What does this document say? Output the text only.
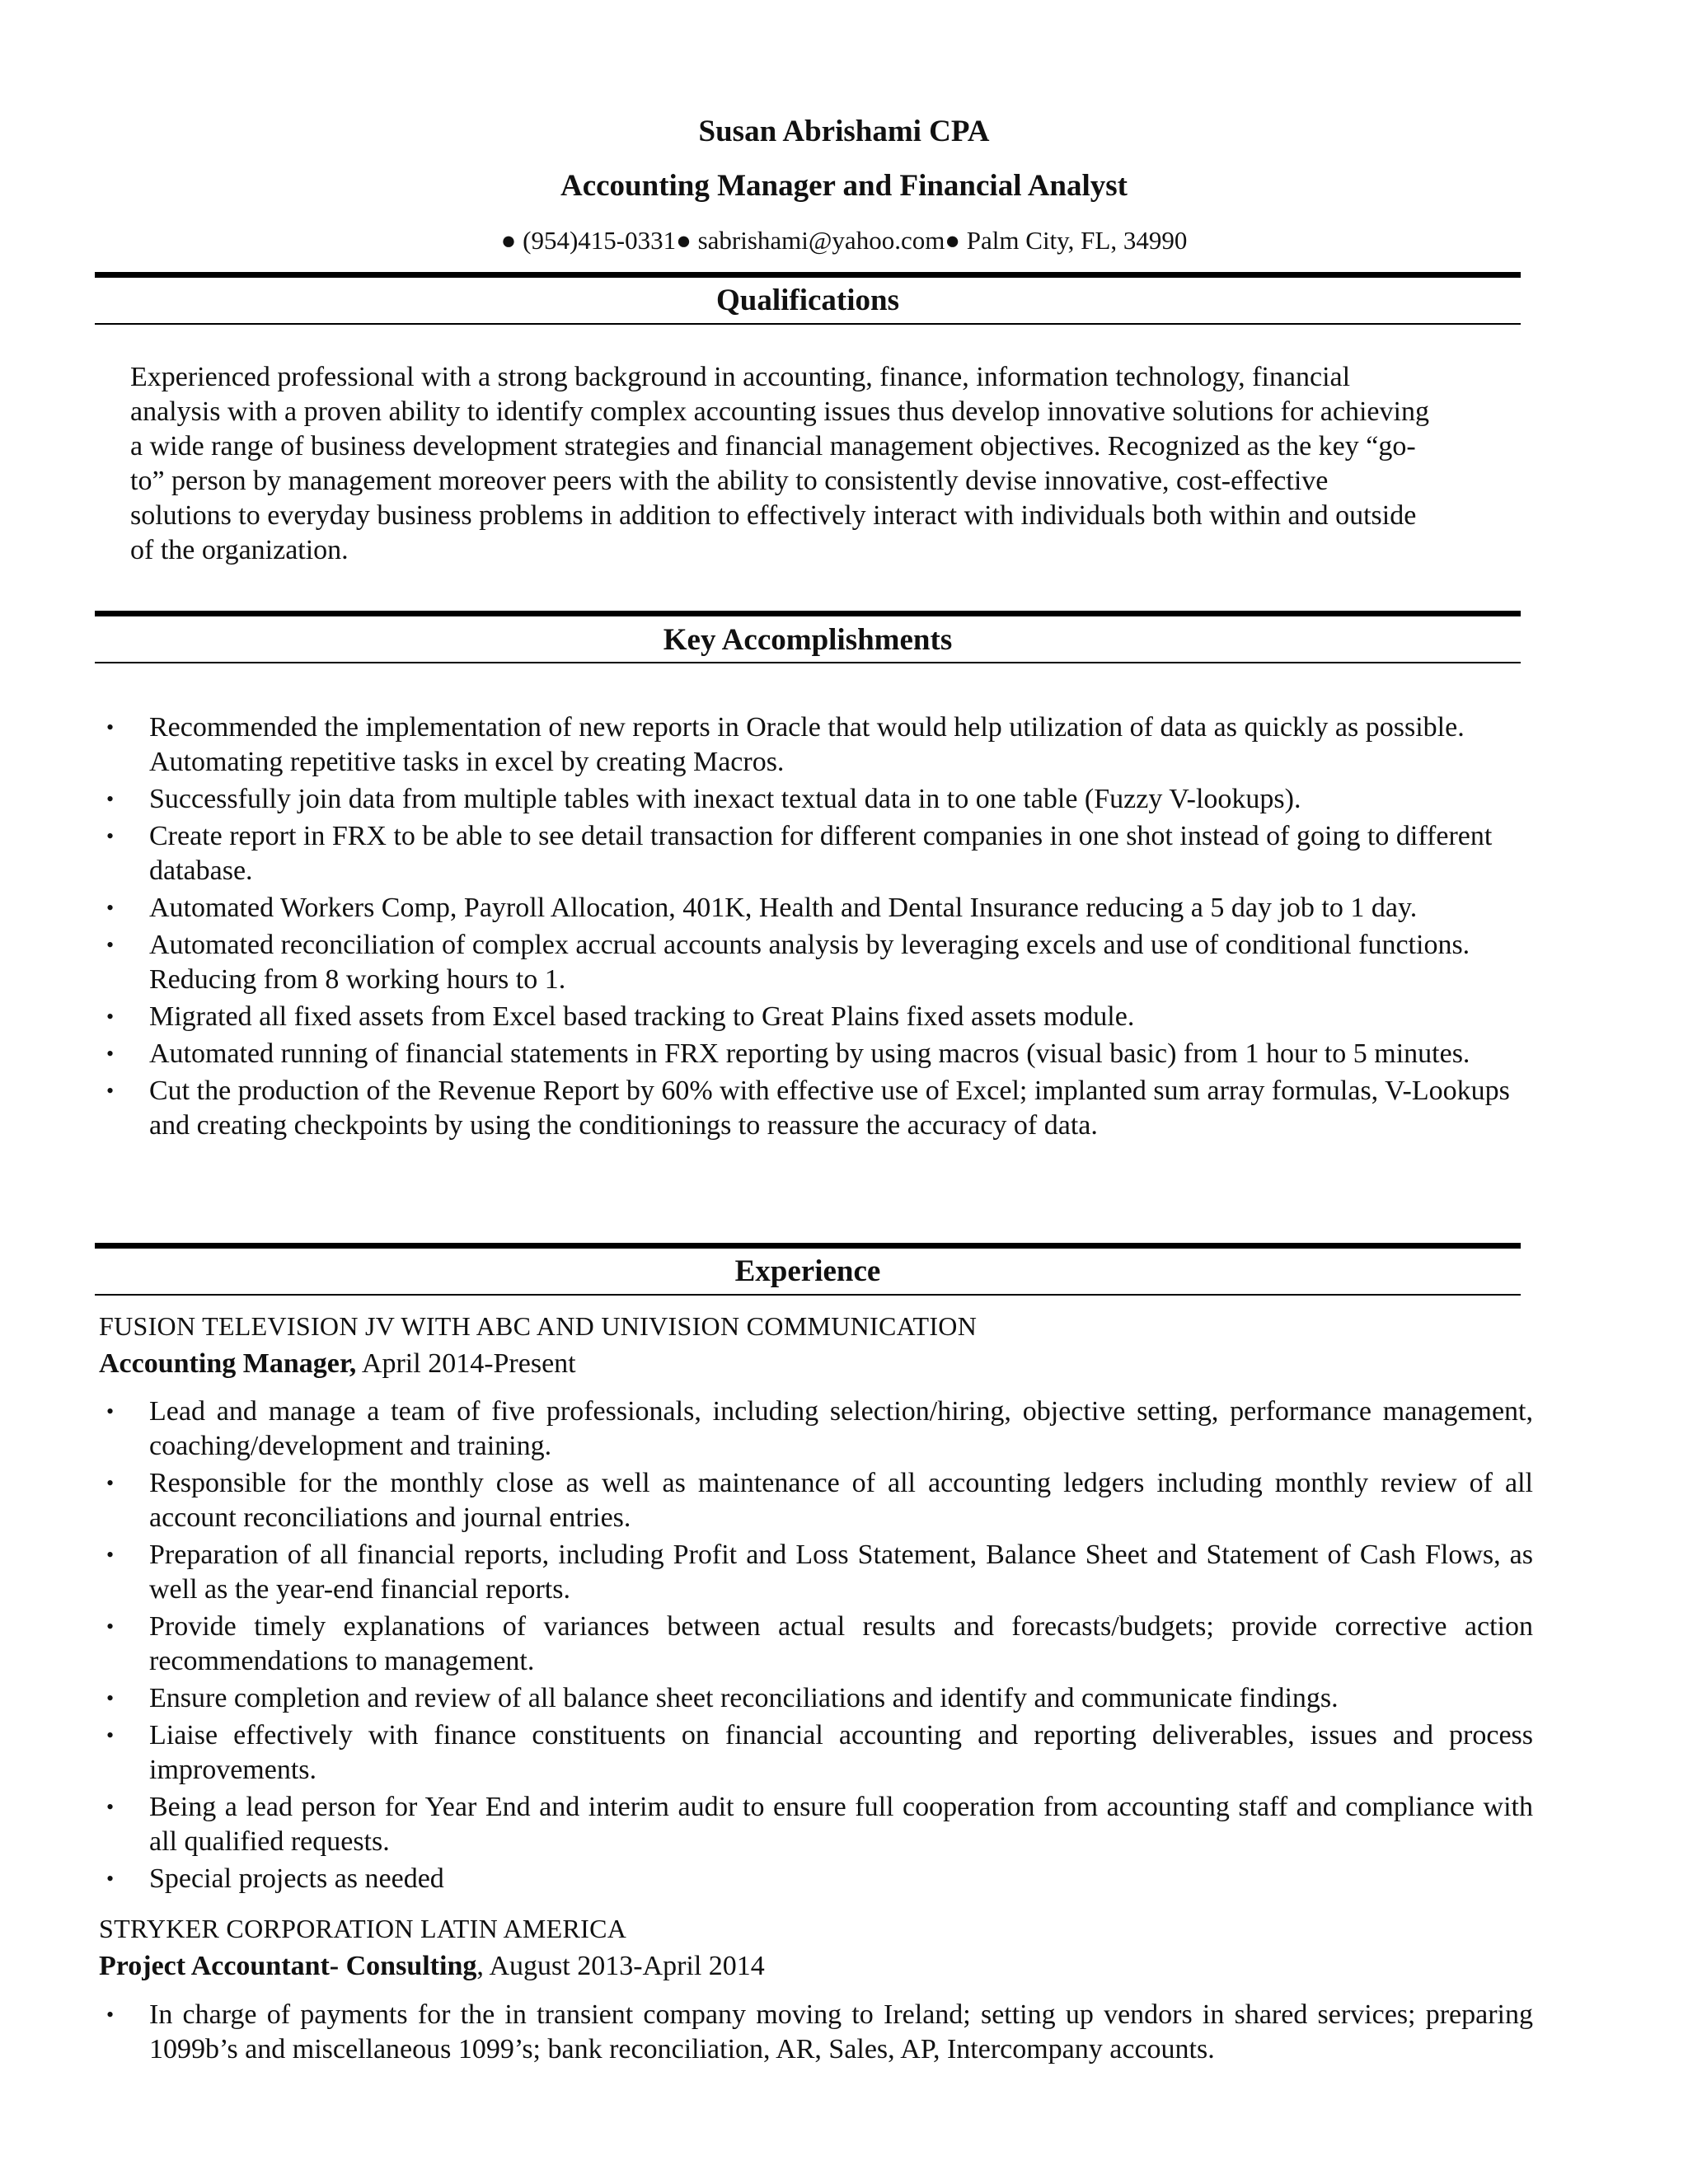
Susan Abrishami CPA
Accounting Manager and Financial Analyst
● (954)415-0331● sabrishami@yahoo.com● Palm City, FL, 34990
Qualifications
Experienced professional with a strong background in accounting, finance, information technology, financial
analysis with a proven ability to identify complex accounting issues thus develop innovative solutions for achieving
a wide range of business development strategies and financial management objectives. Recognized as the key “go-
to” person by management moreover peers with the ability to consistently devise innovative, cost-effective
solutions to everyday business problems in addition to effectively interact with individuals both within and outside
of the organization.
Key Accomplishments
• Recommended the implementation of new reports in Oracle that would help utilization of data as quickly as possible. Automating repetitive tasks in excel by creating Macros.
• Successfully join data from multiple tables with inexact textual data in to one table (Fuzzy V-lookups).
• Create report in FRX to be able to see detail transaction for different companies in one shot instead of going to different database.
• Automated Workers Comp, Payroll Allocation, 401K, Health and Dental Insurance reducing a 5 day job to 1 day.
• Automated reconciliation of complex accrual accounts analysis by leveraging excels and use of conditional functions. Reducing from 8 working hours to 1.
• Migrated all fixed assets from Excel based tracking to Great Plains fixed assets module.
• Automated running of financial statements in FRX reporting by using macros (visual basic) from 1 hour to 5 minutes.
• Cut the production of the Revenue Report by 60% with effective use of Excel; implanted sum array formulas, V-Lookups and creating checkpoints by using the conditionings to reassure the accuracy of data.
Experience
FUSION TELEVISION JV WITH ABC AND UNIVISION COMMUNICATION
Accounting Manager, April 2014-Present
• Lead and manage a team of five professionals, including selection/hiring, objective setting, performance management, coaching/development and training.
• Responsible for the monthly close as well as maintenance of all accounting ledgers including monthly review of all account reconciliations and journal entries.
• Preparation of all financial reports, including Profit and Loss Statement, Balance Sheet and Statement of Cash Flows, as well as the year-end financial reports.
• Provide timely explanations of variances between actual results and forecasts/budgets; provide corrective action recommendations to management.
• Ensure completion and review of all balance sheet reconciliations and identify and communicate findings.
• Liaise effectively with finance constituents on financial accounting and reporting deliverables, issues and process improvements.
• Being a lead person for Year End and interim audit to ensure full cooperation from accounting staff and compliance with all qualified requests.
• Special projects as needed
STRYKER CORPORATION LATIN AMERICA
Project Accountant- Consulting, August 2013-April 2014
• In charge of payments for the in transient company moving to Ireland; setting up vendors in shared services; preparing 1099b’s and miscellaneous 1099’s; bank reconciliation, AR, Sales, AP, Intercompany accounts.
